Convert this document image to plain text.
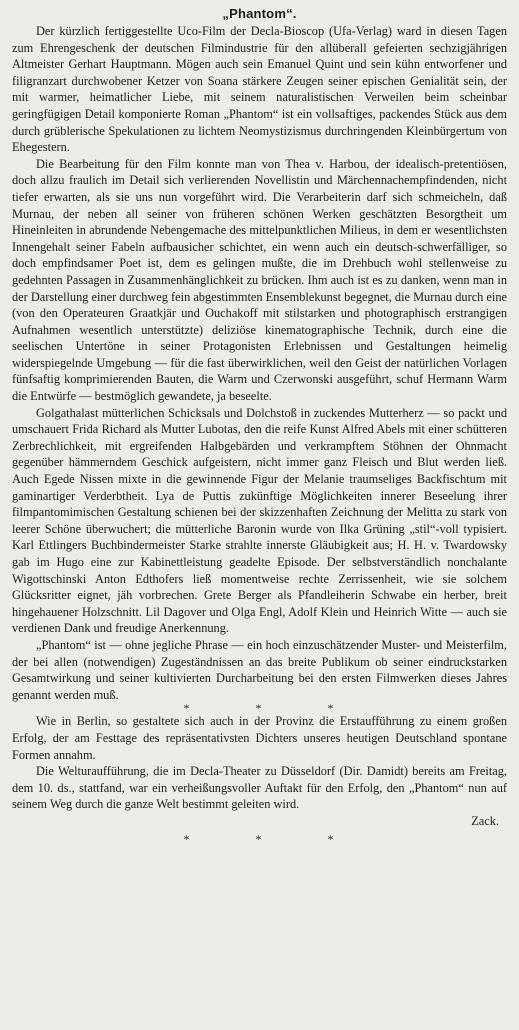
„Phantom“.

Der kürzlich fertiggestellte Uco-Film der Decla-Bioscop (Ufa-Verlag) ward in diesen Tagen zum Ehrengeschenk der deutschen Filmindustrie für den allüberall gefeierten sechzigjährigen Altmeister Gerhart Hauptmann. Mögen auch sein Emanuel Quint und sein kühn entworfener und filigranzart durchwobener Ketzer von Soana stärkere Zeugen seiner epischen Genialität sein, der mit warmer, heimatlicher Liebe, mit seinem naturalistischen Verweilen beim scheinbar geringfügigen Detail komponierte Roman „Phantom“ ist ein vollsaftiges, packendes Stück aus dem durch grüblerische Spekulationen zu lichtem Neomystizismus durchringenden Kleinbürgertum von Ehegestern.

Die Bearbeitung für den Film konnte man von Thea v. Harbou, der idealisch-pretentiösen, doch allzu fraulich im Detail sich verlierenden Novellistin und Märchennachempfindenden, nicht tiefer erwarten, als sie uns nun vorgeführt wird. Die Verarbeiterin darf sich schmeicheln, daß Murnau, der neben all seiner von früheren schönen Werken geschätzten Besorgtheit um Hineinleiten in abrundende Nebengemache des mittelpunktlichen Milieus, in dem er wesentlichsten Innengehalt seiner Fabeln aufbausicher schichtet, ein wenn auch ein deutsch-schwerfälliger, so doch empfindsamer Poet ist, dem es gelingen mußte, die im Drehbuch wohl stellenweise zu gedehnten Passagen in Zusammenhänglichkeit zu brücken. Ihm auch ist es zu danken, wenn man in der Darstellung einer durchweg fein abgestimmten Ensemblekunst begegnet, die Murnau durch eine (von den Operateuren Graatkjär und Ouchakoff mit stilstarken und photographisch erstrangigen Aufnahmen wesentlich unterstützte) deliziöse kinematographische Technik, durch eine die seelischen Untertöne in seiner Protagonisten Erlebnissen und Gestaltungen heimelig widerspiegelnde Umgebung — für die fast überwirklichen, weil den Geist der natürlichen Vorlagen fünfsaftig komprimierenden Bauten, die Warm und Czerwonski ausgeführt, schuf Hermann Warm die Entwürfe — bestmöglich gewandete, ja beseelte.

Golgathalast mütterlichen Schicksals und Dolchstoß in zuckendes Mutterherz — so packt und umschauert Frida Richard als Mutter Lubotas, den die reife Kunst Alfred Abels mit einer schütteren Zerbrechlichkeit, mit ergreifenden Halbgebärden und verkrampftem Stöhnen der Ohnmacht gegenüber hämmerndem Geschick aufgeistern, nicht immer ganz Fleisch und Blut werden ließ. Auch Egede Nissen mixte in die gewinnende Figur der Melanie traumseliges Backfischtum mit gaminartiger Verderbtheit. Lya de Puttis zukünftige Möglichkeiten innerer Beseelung ihrer filmpantomimischen Gestaltung schienen bei der skizzenhaften Zeichnung der Melitta zu stark von leerer Schöne überwuchert; die mütterliche Baronin wurde von Ilka Grüning „stil“-voll typisiert. Karl Ettlingers Buchbindermeister Starke strahlte innerste Gläubigkeit aus; H. H. v. Twardowsky gab im Hugo eine zur Kabinettleistung geadelte Episode. Der selbstverständlich nonchalante Wigottschinski Anton Edthofers ließ momentweise rechte Zerrissenheit, wie sie solchem Glücksritter eignet, jäh vorbrechen. Grete Berger als Pfandleiherin Schwabe ein herber, breit hingehauener Holzschnitt. Lil Dagover und Olga Engl, Adolf Klein und Heinrich Witte — auch sie verdienen Dank und freudige Anerkennung.

„Phantom“ ist — ohne jegliche Phrase — ein hoch einzuschätzender Muster- und Meisterfilm, der bei allen (notwendigen) Zugeständnissen an das breite Publikum ob seiner eindruckstarken Gesamtwirkung und seiner kultivierten Durcharbeitung bei den ersten Filmwerken dieses Jahres genannt werden muß.

*	*	*

Wie in Berlin, so gestaltete sich auch in der Provinz die Erstaufführung zu einem großen Erfolg, der am Festtage des repräsentativsten Dichters unseres heutigen Deutschland spontane Formen annahm.

Die Welturaufführung, die im Decla-Theater zu Düsseldorf (Dir. Damidt) bereits am Freitag, dem 10. ds., stattfand, war ein verheißungsvoller Auftakt für den Erfolg, den „Phantom“ nun auf seinem Weg durch die ganze Welt bestimmt geleiten wird.

Zack.

*	*	*
